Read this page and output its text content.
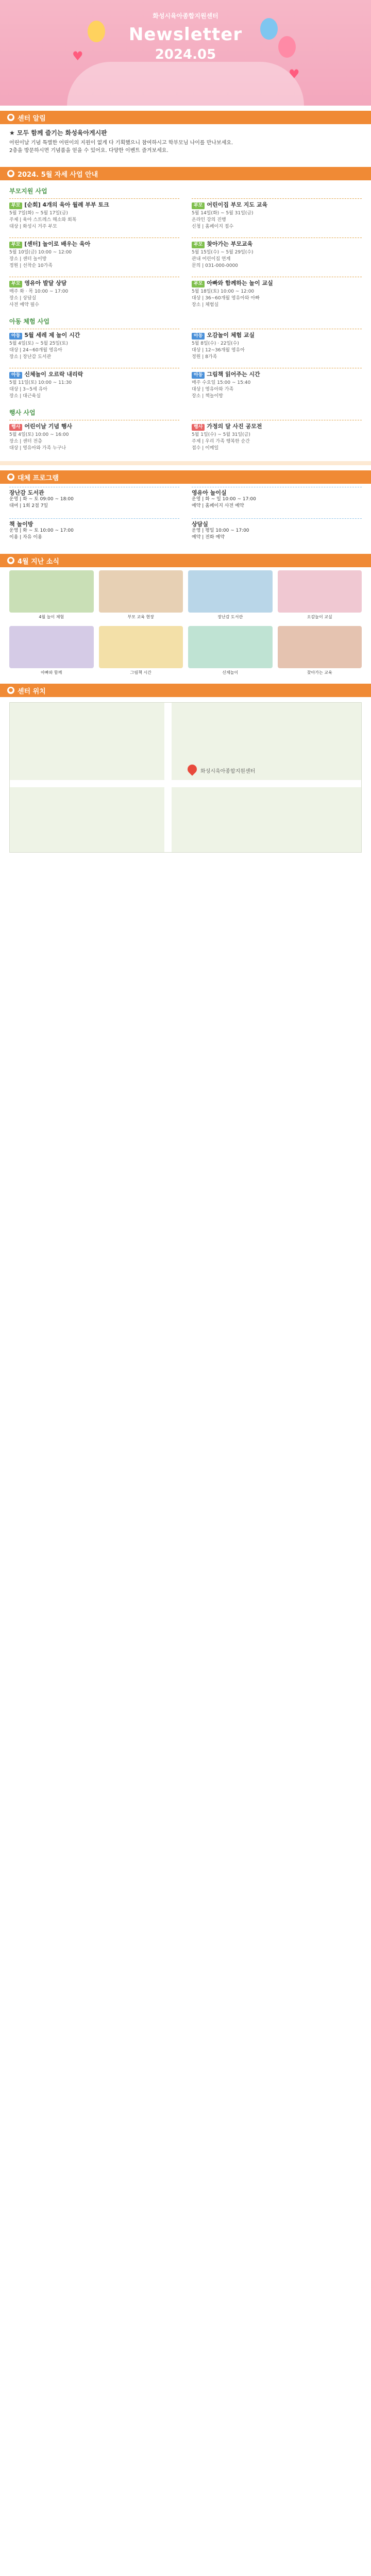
화성시육아종합지원센터
Newsletter
2024.05
♥
♥
● 센터 알림
★ 모두 함께 즐기는 화성육아게시판
어린이날 기념 특별한 어린이의 지원이 없게 다 기획했으니 참여하시고 학부모님 나이를 만나보세요.
2층을 방문하시면 기념품을 얻을 수 있어요. 다양한 이벤트 즐겨보세요.
● 2024. 5월 자세 사업 안내
부모지원 사업
부모 [순회] 4개의 육아 월례 부부 토크
5월 7일(화) ~ 5월 17일(금)
주제 | 육아 스트레스 해소와 회복
대상 | 화성시 거주 부모
부모 어린이집 부모 지도 교육
5월 14일(화) ~ 5월 31일(금)
온라인 강의 진행
신청 | 홈페이지 접수
부모 [센터] 놀이로 배우는 육아
5월 10일(금) 10:00 ~ 12:00
장소 | 센터 놀이방
정원 | 선착순 10가족
부모 찾아가는 부모교육
5월 15일(수) ~ 5월 29일(수)
관내 어린이집 연계
문의 | 031-000-0000
부모 영유아 발달 상담
매주 화 · 목 10:00 ~ 17:00
장소 | 상담실
사전 예약 필수
부모 아빠와 함께하는 놀이 교실
5월 18일(토) 10:00 ~ 12:00
대상 | 36~60개월 영유아와 아빠
장소 | 체험실
아동 체험 사업
아동 5월 세레 제 놀이 시간
5월 4일(토) ~ 5월 25일(토)
대상 | 24~60개월 영유아
장소 | 장난감 도서관
아동 오감놀이 체험 교실
5월 8일(수) · 22일(수)
대상 | 12~36개월 영유아
정원 | 8가족
아동 신체놀이 오르락 내리락
5월 11일(토) 10:00 ~ 11:30
대상 | 3~5세 유아
장소 | 대근육실
아동 그림책 읽어주는 시간
매주 수요일 15:00 ~ 15:40
대상 | 영유아와 가족
장소 | 책놀이방
행사 사업
행사 어린이날 기념 행사
5월 4일(토) 10:00 ~ 16:00
장소 | 센터 전층
대상 | 영유아와 가족 누구나
행사 가정의 달 사진 공모전
5월 1일(수) ~ 5월 31일(금)
주제 | 우리 가족 행복한 순간
접수 | 이메일
● 대체 프로그램
장난감 도서관
운영 | 화 ~ 토 09:00 ~ 18:00
대여 | 1회 2점 7일
영유아 놀이실
운영 | 화 ~ 일 10:00 ~ 17:00
예약 | 홈페이지 사전 예약
책 놀이방
운영 | 화 ~ 토 10:00 ~ 17:00
이용 | 자유 이용
상담실
운영 | 평일 10:00 ~ 17:00
예약 | 전화 예약
● 4월 지난 소식
4월 놀이 체험	부모 교육 현장	장난감 도서관	오감놀이 교실
아빠와 함께	그림책 시간	신체놀이	찾아가는 교육
● 센터 위치
화성시육아종합지원센터
